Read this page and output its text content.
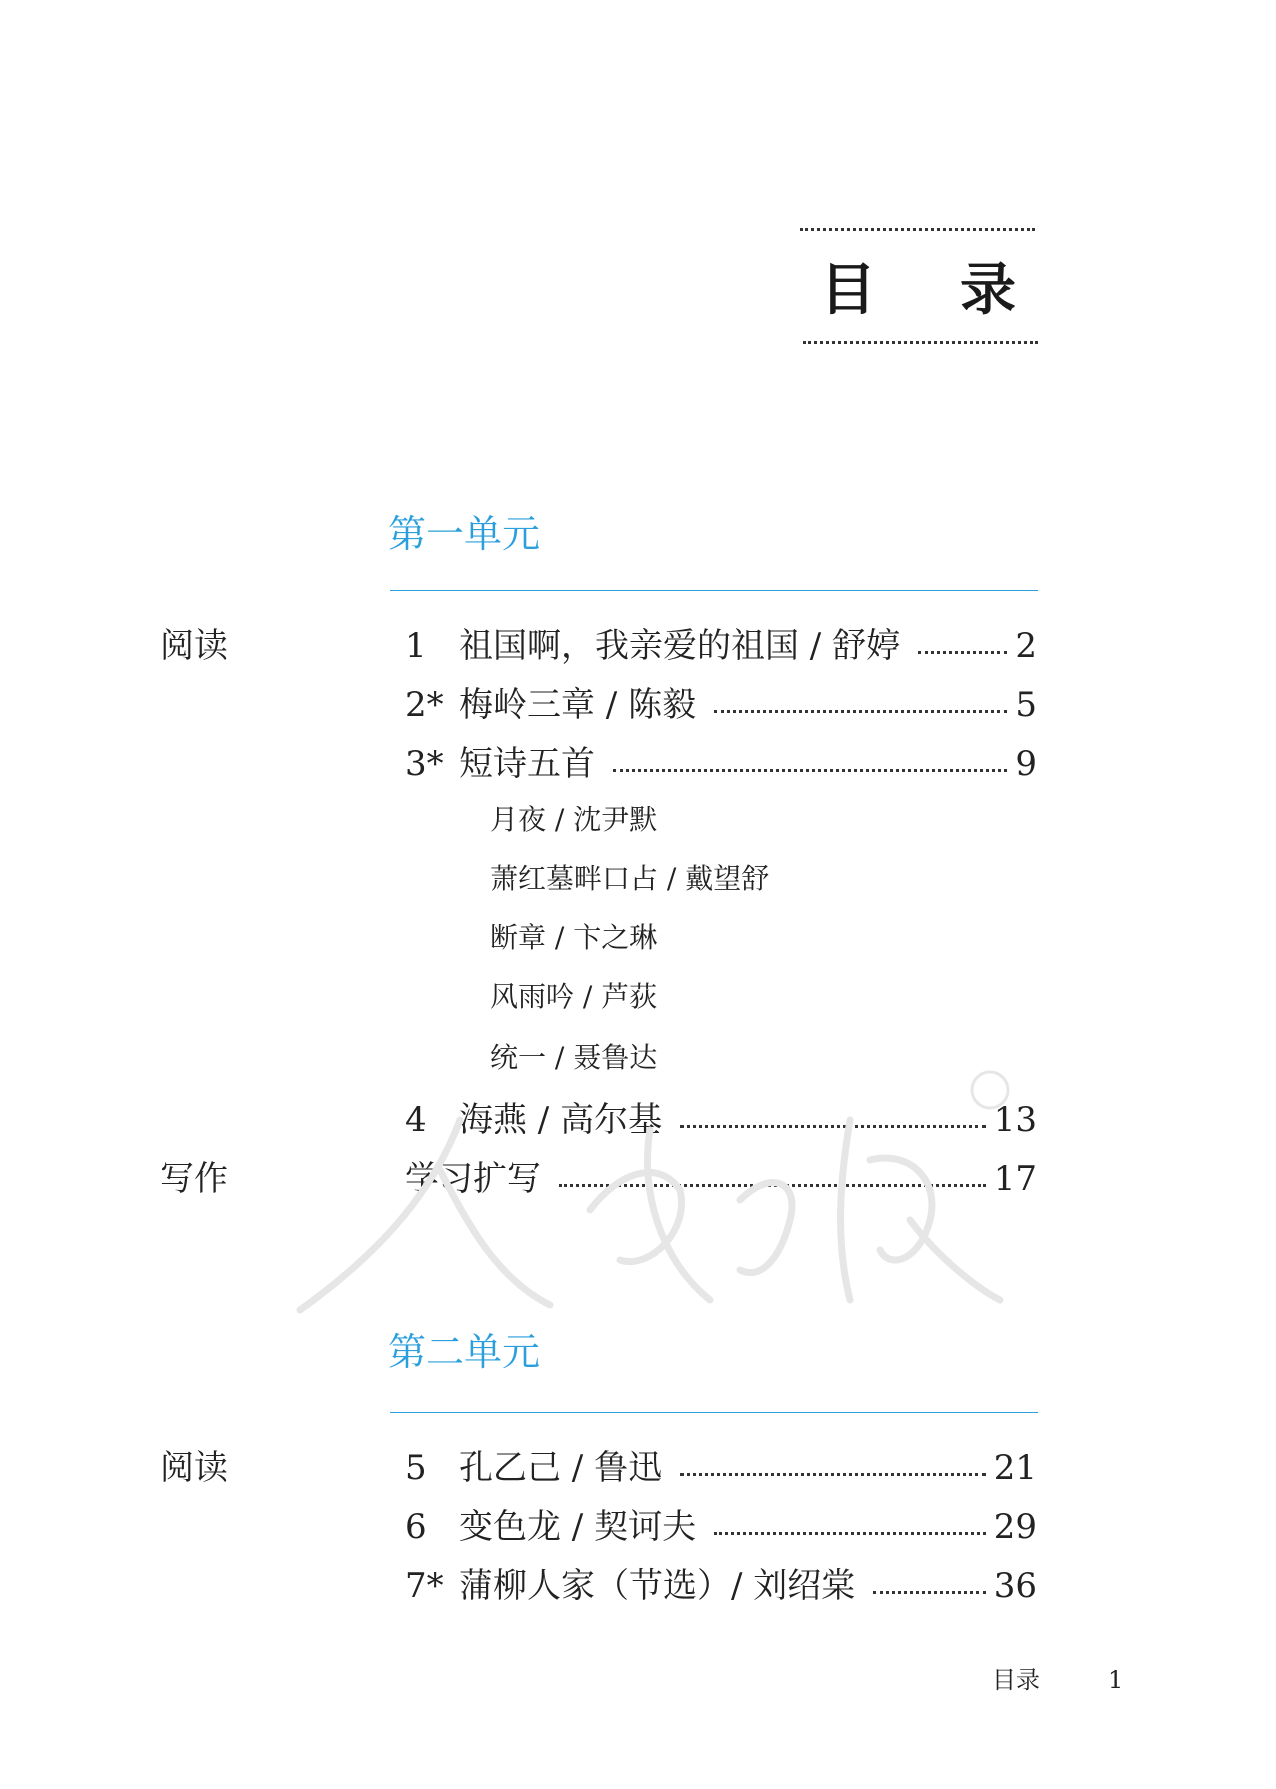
目 录
第一单元
阅读	1 祖国啊，我亲爱的祖国 / 舒婷	2
2* 梅岭三章 / 陈毅	5
3* 短诗五首	9
月夜 / 沈尹默
萧红墓畔口占 / 戴望舒
断章 / 卞之琳
风雨吟 / 芦荻
统一 / 聂鲁达
4 海燕 / 高尔基	13
写作	学习扩写	17
第二单元
阅读	5 孔乙己 / 鲁迅	21
6 变色龙 / 契诃夫	29
7* 蒲柳人家（节选）/ 刘绍棠	36
目录	1
